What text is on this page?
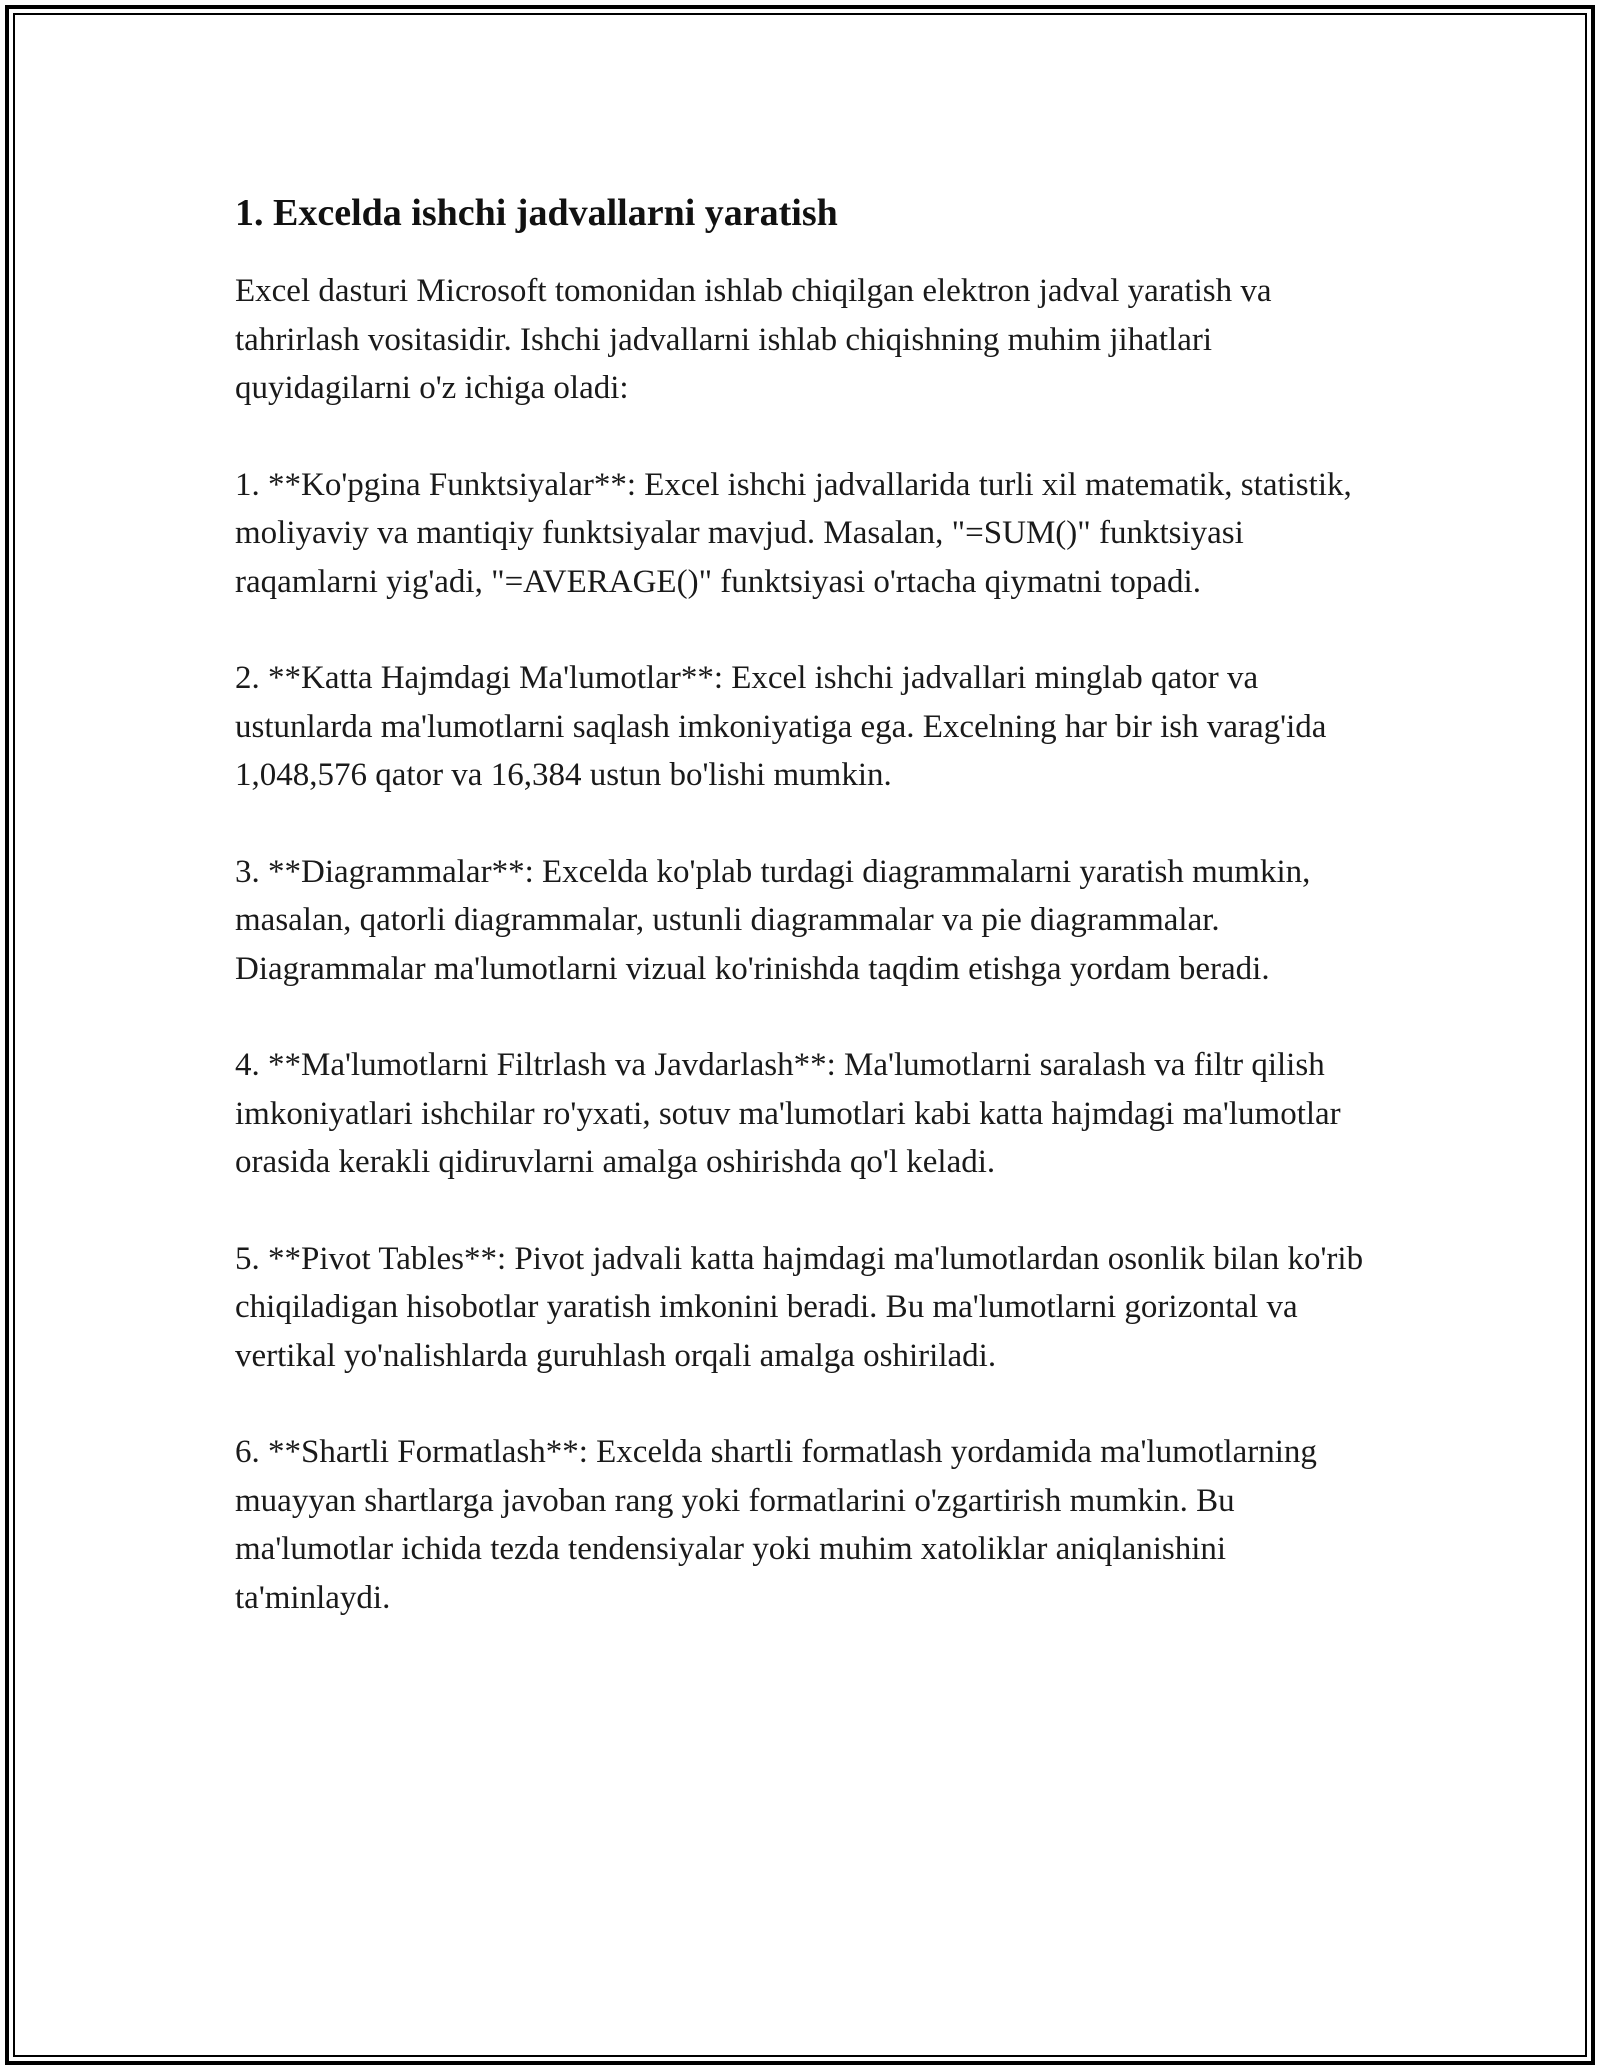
1. Excelda ishchi jadvallarni yaratish

Excel dasturi Microsoft tomonidan ishlab chiqilgan elektron jadval yaratish va tahrirlash vositasidir. Ishchi jadvallarni ishlab chiqishning muhim jihatlari quyidagilarni o'z ichiga oladi:

1. **Ko'pgina Funktsiyalar**: Excel ishchi jadvallarida turli xil matematik, statistik, moliyaviy va mantiqiy funktsiyalar mavjud. Masalan, "=SUM()" funktsiyasi raqamlarni yig'adi, "=AVERAGE()" funktsiyasi o'rtacha qiymatni topadi.

2. **Katta Hajmdagi Ma'lumotlar**: Excel ishchi jadvallari minglab qator va ustunlarda ma'lumotlarni saqlash imkoniyatiga ega. Excelning har bir ish varag'ida 1,048,576 qator va 16,384 ustun bo'lishi mumkin.

3. **Diagrammalar**: Excelda ko'plab turdagi diagrammalarni yaratish mumkin, masalan, qatorli diagrammalar, ustunli diagrammalar va pie diagrammalar. Diagrammalar ma'lumotlarni vizual ko'rinishda taqdim etishga yordam beradi.

4. **Ma'lumotlarni Filtrlash va Javdarlash**: Ma'lumotlarni saralash va filtr qilish imkoniyatlari ishchilar ro'yxati, sotuv ma'lumotlari kabi katta hajmdagi ma'lumotlar orasida kerakli qidiruvlarni amalga oshirishda qo'l keladi.

5. **Pivot Tables**: Pivot jadvali katta hajmdagi ma'lumotlardan osonlik bilan ko'rib chiqiladigan hisobotlar yaratish imkonini beradi. Bu ma'lumotlarni gorizontal va vertikal yo'nalishlarda guruhlash orqali amalga oshiriladi.

6. **Shartli Formatlash**: Excelda shartli formatlash yordamida ma'lumotlarning muayyan shartlarga javoban rang yoki formatlarini o'zgartirish mumkin. Bu ma'lumotlar ichida tezda tendensiyalar yoki muhim xatoliklar aniqlanishini ta'minlaydi.
